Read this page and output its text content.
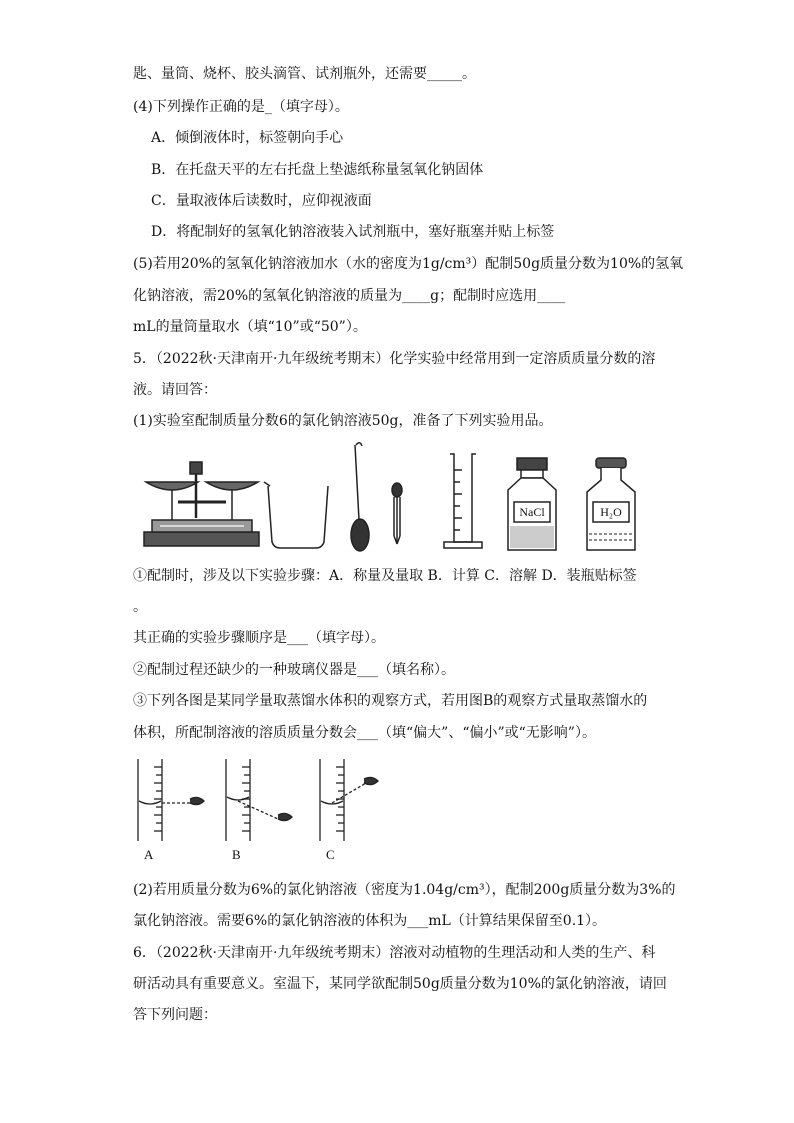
匙、量筒、烧杯、胶头滴管、试剂瓶外，还需要_____。
(4)下列操作正确的是_（填字母）。
A．倾倒液体时，标签朝向手心
B．在托盘天平的左右托盘上垫滤纸称量氢氧化钠固体
C．量取液体后读数时，应仰视液面
D．将配制好的氢氧化钠溶液装入试剂瓶中，塞好瓶塞并贴上标签
(5)若用20%的氢氧化钠溶液加水（水的密度为1g/cm³）配制50g质量分数为10%的氢氧
化钠溶液，需20%的氢氧化钠溶液的质量为____g；配制时应选用____
mL的量筒量取水（填“10”或“50”）。
5．（2022秋·天津南开·九年级统考期末）化学实验中经常用到一定溶质质量分数的溶
液。请回答：
(1)实验室配制质量分数6的氯化钠溶液50g，准备了下列实验用品。
NaCl	H₂O
①配制时，涉及以下实验步骤：A．称量及量取 B．计算 C．溶解 D．装瓶贴标签
。
其正确的实验步骤顺序是___（填字母）。
②配制过程还缺少的一种玻璃仪器是___（填名称）。
③下列各图是某同学量取蒸馏水体积的观察方式，若用图B的观察方式量取蒸馏水的
体积，所配制溶液的溶质质量分数会___（填“偏大”、“偏小”或“无影响”）。
A	B	C
(2)若用质量分数为6%的氯化钠溶液（密度为1.04g/cm³），配制200g质量分数为3%的
氯化钠溶液。需要6%的氯化钠溶液的体积为___mL（计算结果保留至0.1）。
6．（2022秋·天津南开·九年级统考期末）溶液对动植物的生理活动和人类的生产、科
研活动具有重要意义。室温下，某同学欲配制50g质量分数为10%的氯化钠溶液，请回
答下列问题：
